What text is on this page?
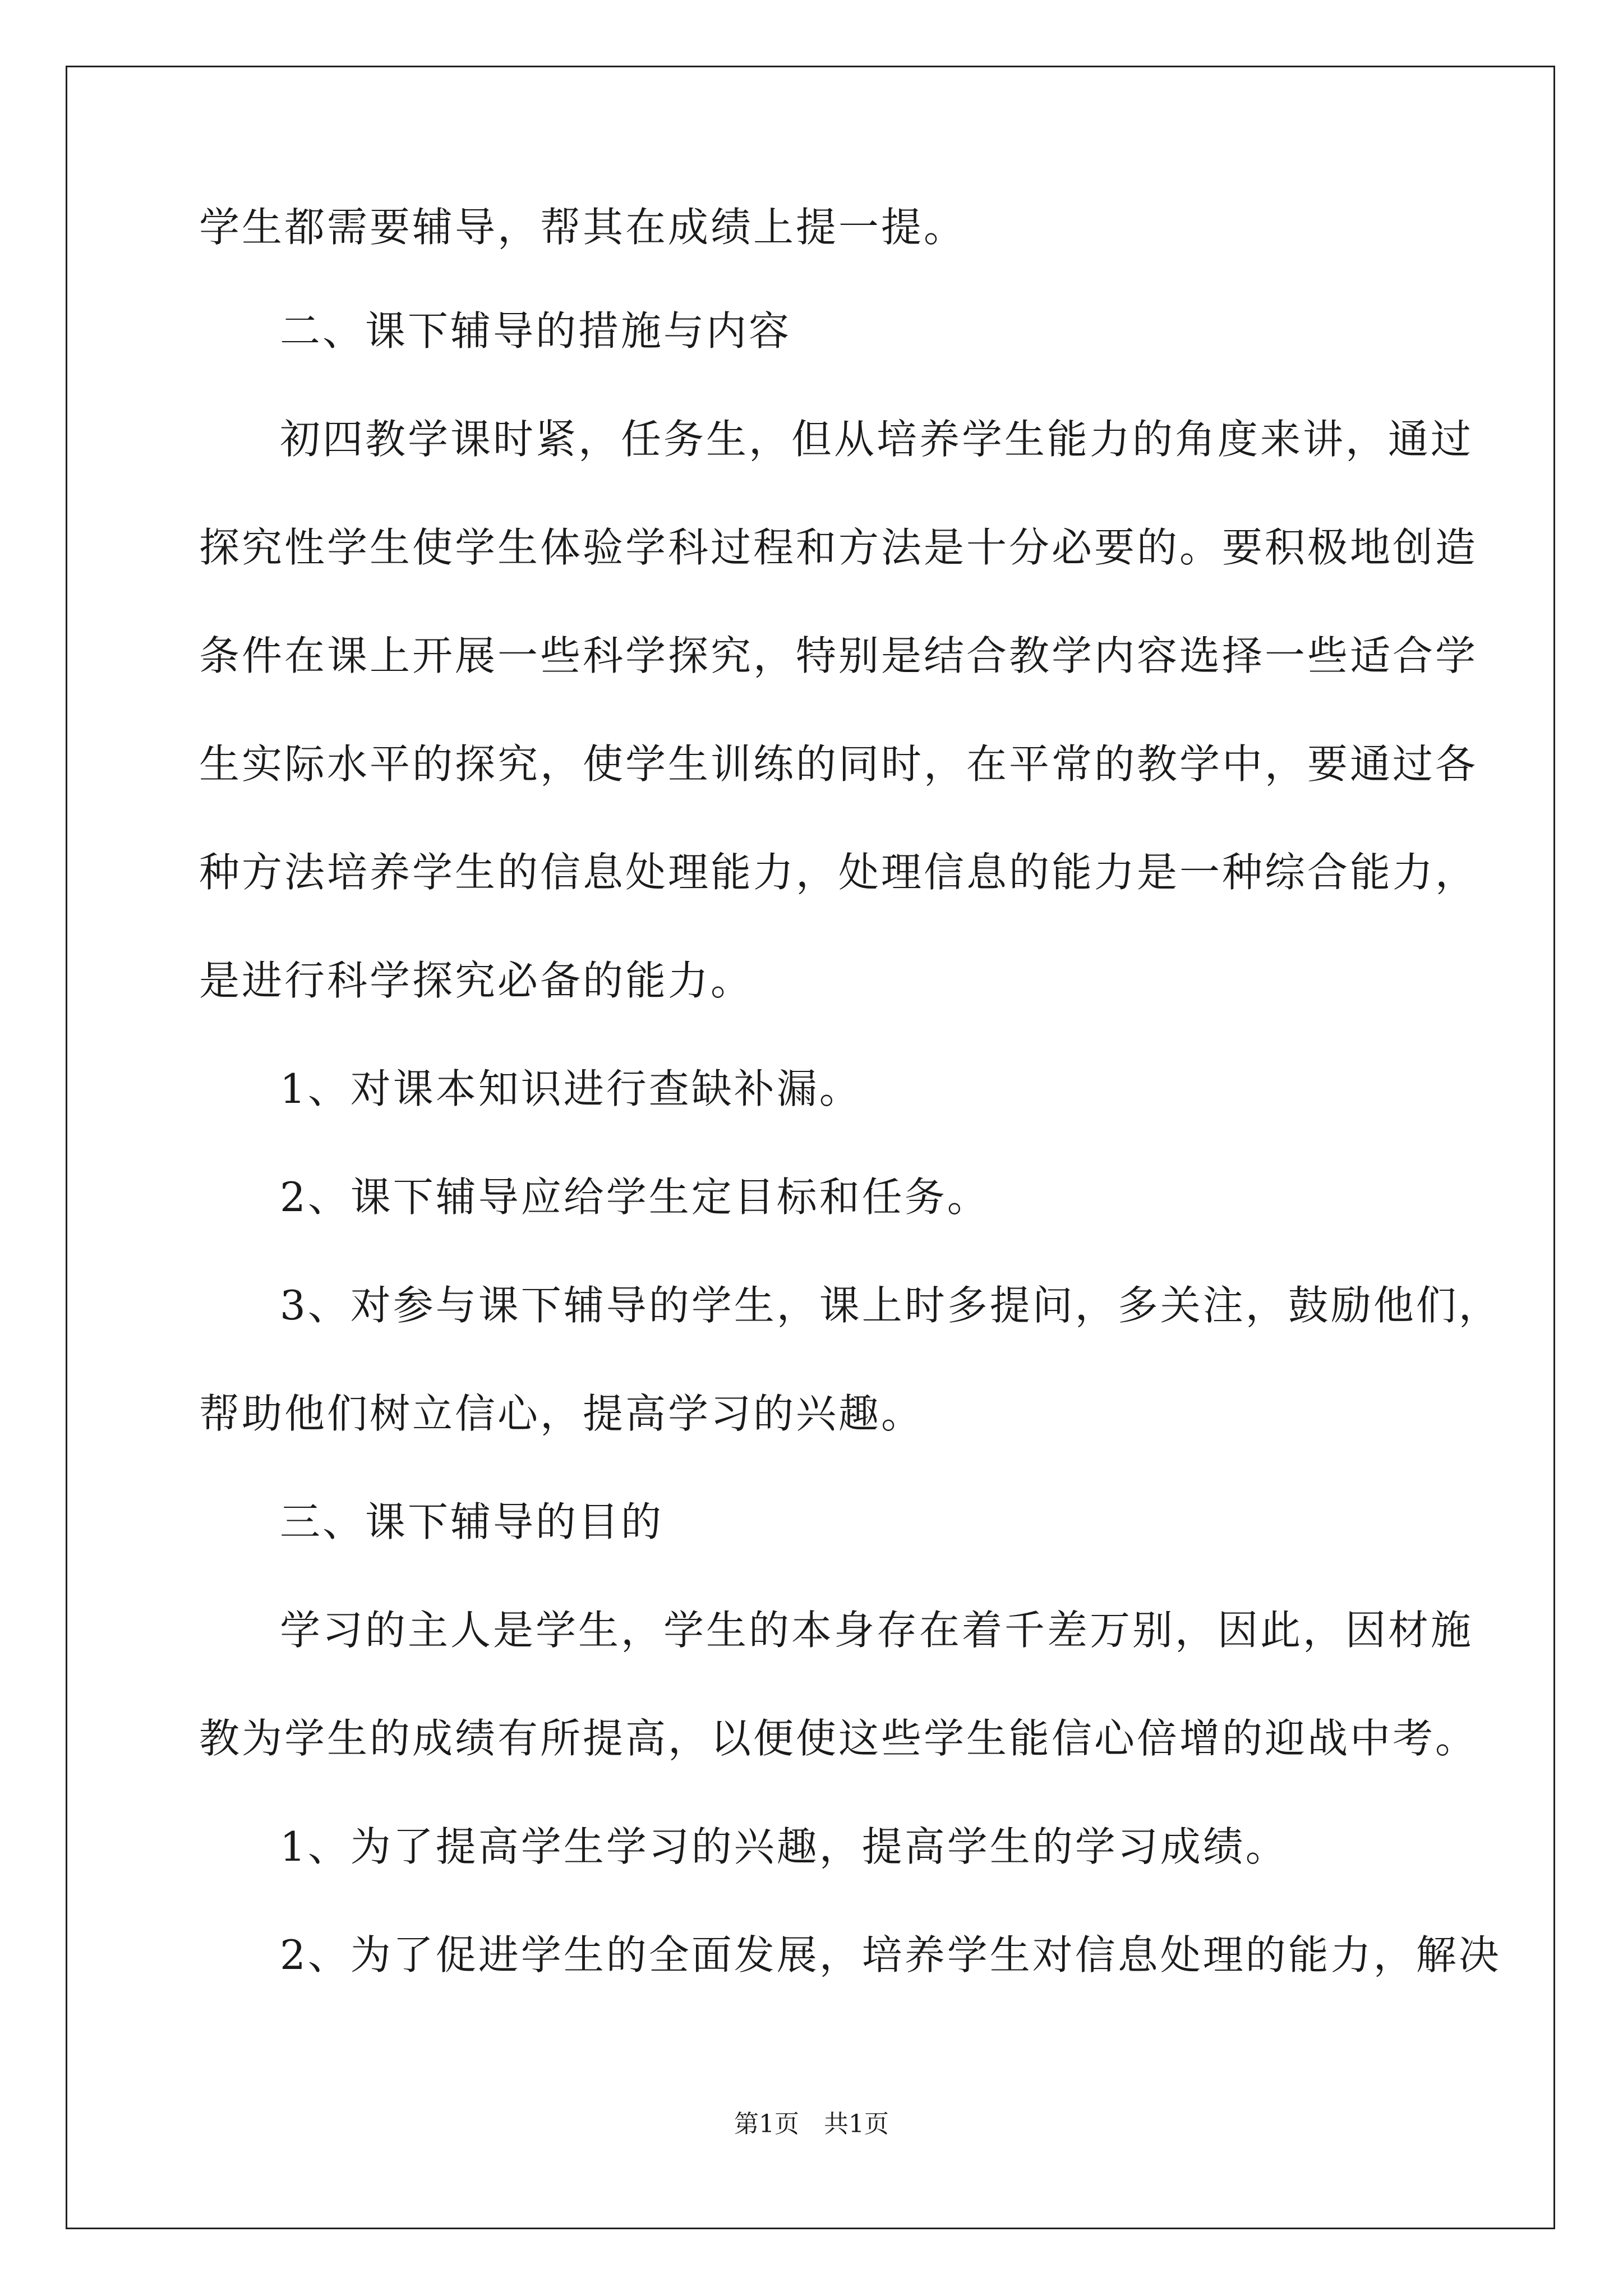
学生都需要辅导，帮其在成绩上提一提。
二、课下辅导的措施与内容
初四教学课时紧，任务生，但从培养学生能力的角度来讲，通过
探究性学生使学生体验学科过程和方法是十分必要的。要积极地创造
条件在课上开展一些科学探究，特别是结合教学内容选择一些适合学
生实际水平的探究，使学生训练的同时，在平常的教学中，要通过各
种方法培养学生的信息处理能力，处理信息的能力是一种综合能力，
是进行科学探究必备的能力。
1、对课本知识进行查缺补漏。
2、课下辅导应给学生定目标和任务。
3、对参与课下辅导的学生，课上时多提问，多关注，鼓励他们，
帮助他们树立信心，提高学习的兴趣。
三、课下辅导的目的
学习的主人是学生，学生的本身存在着千差万别，因此，因材施
教为学生的成绩有所提高，以便使这些学生能信心倍增的迎战中考。
1、为了提高学生学习的兴趣，提高学生的学习成绩。
2、为了促进学生的全面发展，培养学生对信息处理的能力，解决
第1页　共1页
